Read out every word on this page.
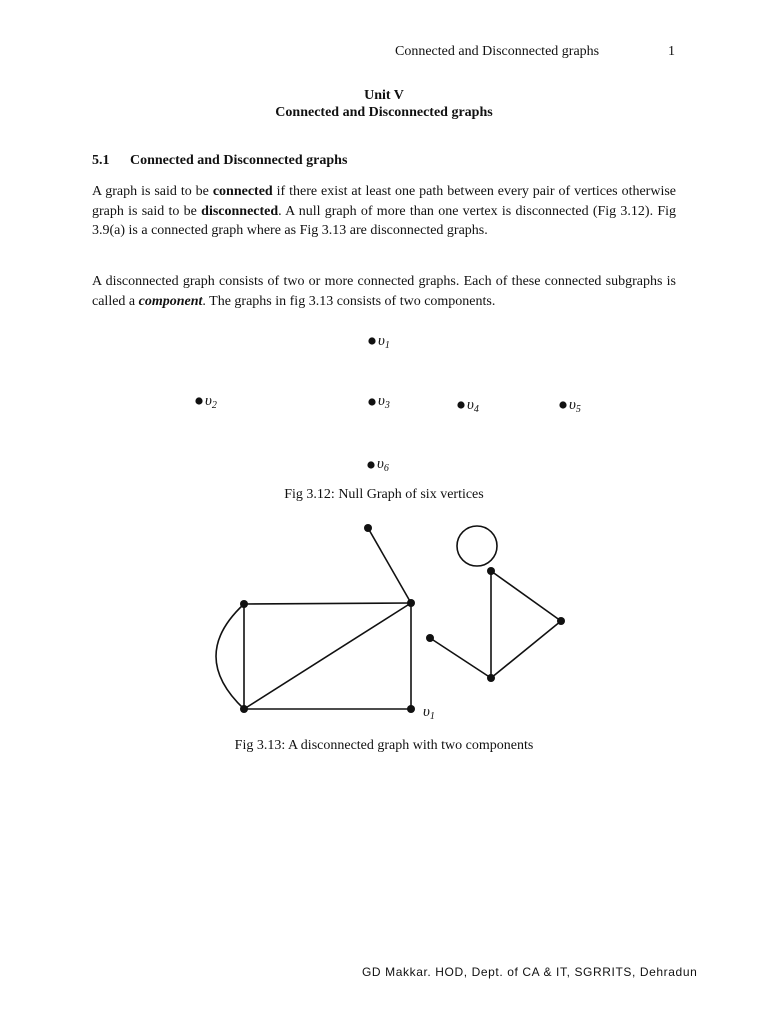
Connected and Disconnected graphs	1
Unit V
Connected and Disconnected graphs
5.1 Connected and Disconnected graphs

A graph is said to be connected if there exist at least one path between every pair of vertices otherwise graph is said to be disconnected. A null graph of more than one vertex is disconnected (Fig 3.12). Fig 3.9(a) is a connected graph where as Fig 3.13 are disconnected graphs.

A disconnected graph consists of two or more connected graphs. Each of these connected subgraphs is called a component. The graphs in fig 3.13 consists of two components.

$\upsilon_1$
$\upsilon_2$	$\upsilon_3$	$\upsilon_4$	$\upsilon_5$
$\upsilon_6$
$\upsilon_1$
Fig 3.12: Null Graph of six vertices
Fig 3.13: A disconnected graph with two components
GD Makkar. HOD, Dept. of CA & IT, SGRRITS, Dehradun
